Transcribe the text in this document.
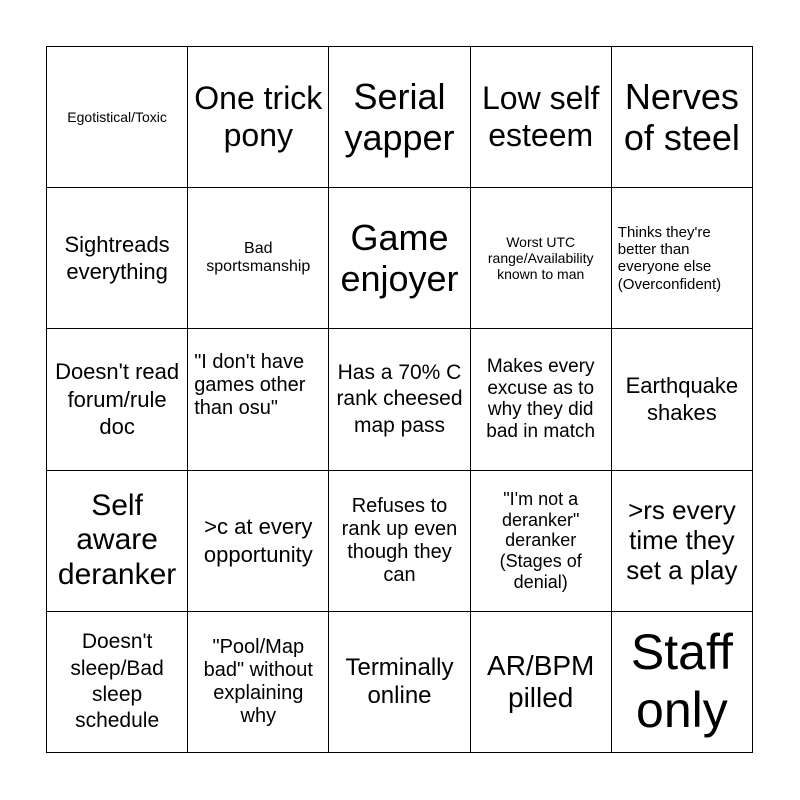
Egotistical/Toxic
One trick pony
Serial yapper
Low self esteem
Nerves of steel
Sightreads everything
Bad sportsmanship
Game enjoyer
Worst UTC range/Availability known to man
Thinks they're better than everyone else (Overconfident)
Doesn't read forum/rule doc
"I don't have games other than osu"
Has a 70% C rank cheesed map pass
Makes every excuse as to why they did bad in match
Earthquake shakes
Self aware deranker
>c at every opportunity
Refuses to rank up even though they can
"I'm not a deranker" deranker (Stages of denial)
>rs every time they set a play
Doesn't sleep/Bad sleep schedule
"Pool/Map bad" without explaining why
Terminally online
AR/BPM pilled
Staff only
